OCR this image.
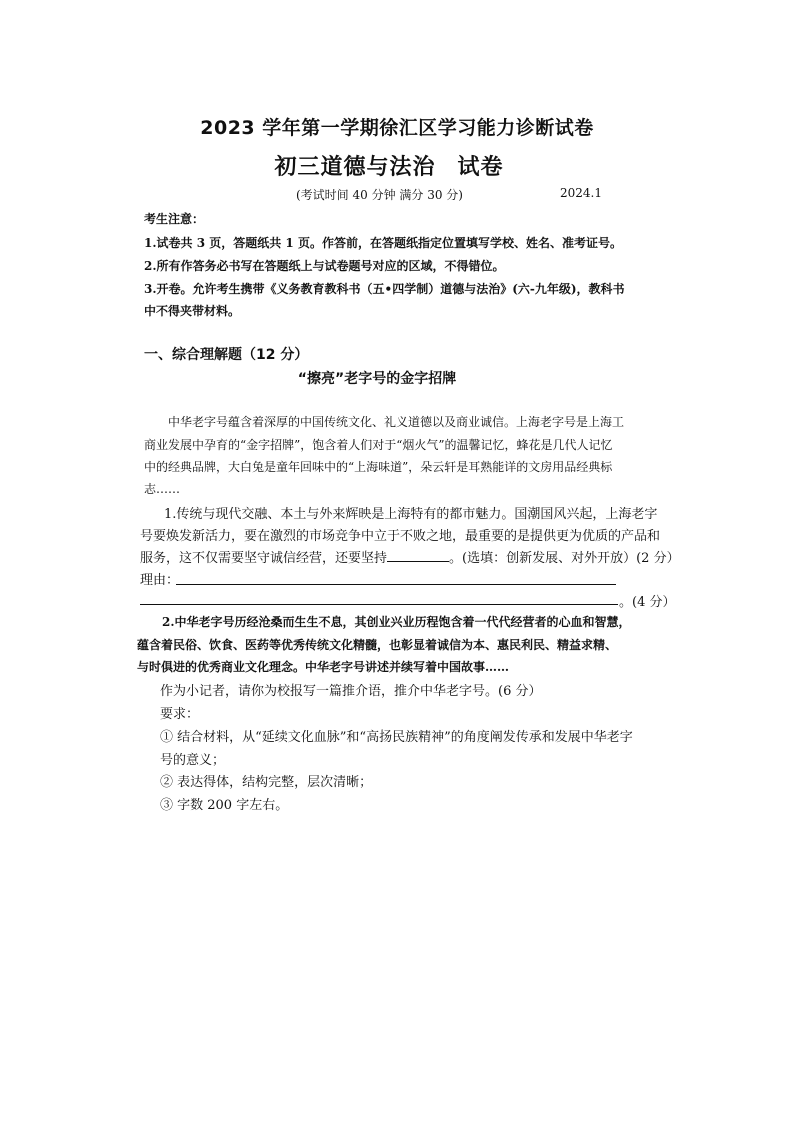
2023 学年第一学期徐汇区学习能力诊断试卷
初三道德与法治 试卷
(考试时间 40 分钟 满分 30 分)	2024.1
考生注意：
1.试卷共 3 页，答题纸共 1 页。作答前，在答题纸指定位置填写学校、姓名、准考证号。
2.所有作答务必书写在答题纸上与试卷题号对应的区域，不得错位。
3.开卷。允许考生携带《义务教育教科书（五•四学制）道德与法治》(六-九年级)，教科书
中不得夹带材料。
一、综合理解题（12 分）
“擦亮”老字号的金字招牌
中华老字号蕴含着深厚的中国传统文化、礼义道德以及商业诚信。上海老字号是上海工
商业发展中孕育的“金字招牌”，饱含着人们对于“烟火气”的温馨记忆，蜂花是几代人记忆
中的经典品牌，大白兔是童年回味中的“上海味道”，朵云轩是耳熟能详的文房用品经典标
志……
1.传统与现代交融、本土与外来辉映是上海特有的都市魅力。国潮国风兴起，上海老字
号要焕发新活力，要在激烈的市场竞争中立于不败之地，最重要的是提供更为优质的产品和
服务，这不仅需要坚守诚信经营，还要坚持	。(选填：创新发展、对外开放）(2 分）
理由：
。(4 分）
2.中华老字号历经沧桑而生生不息，其创业兴业历程饱含着一代代经营者的心血和智慧，
蕴含着民俗、饮食、医药等优秀传统文化精髓，也彰显着诚信为本、惠民利民、精益求精、
与时俱进的优秀商业文化理念。中华老字号讲述并续写着中国故事……
作为小记者，请你为校报写一篇推介语，推介中华老字号。(6 分）
要求：
① 结合材料，从“延续文化血脉”和“高扬民族精神”的角度阐发传承和发展中华老字
号的意义；
② 表达得体，结构完整，层次清晰；
③ 字数 200 字左右。
